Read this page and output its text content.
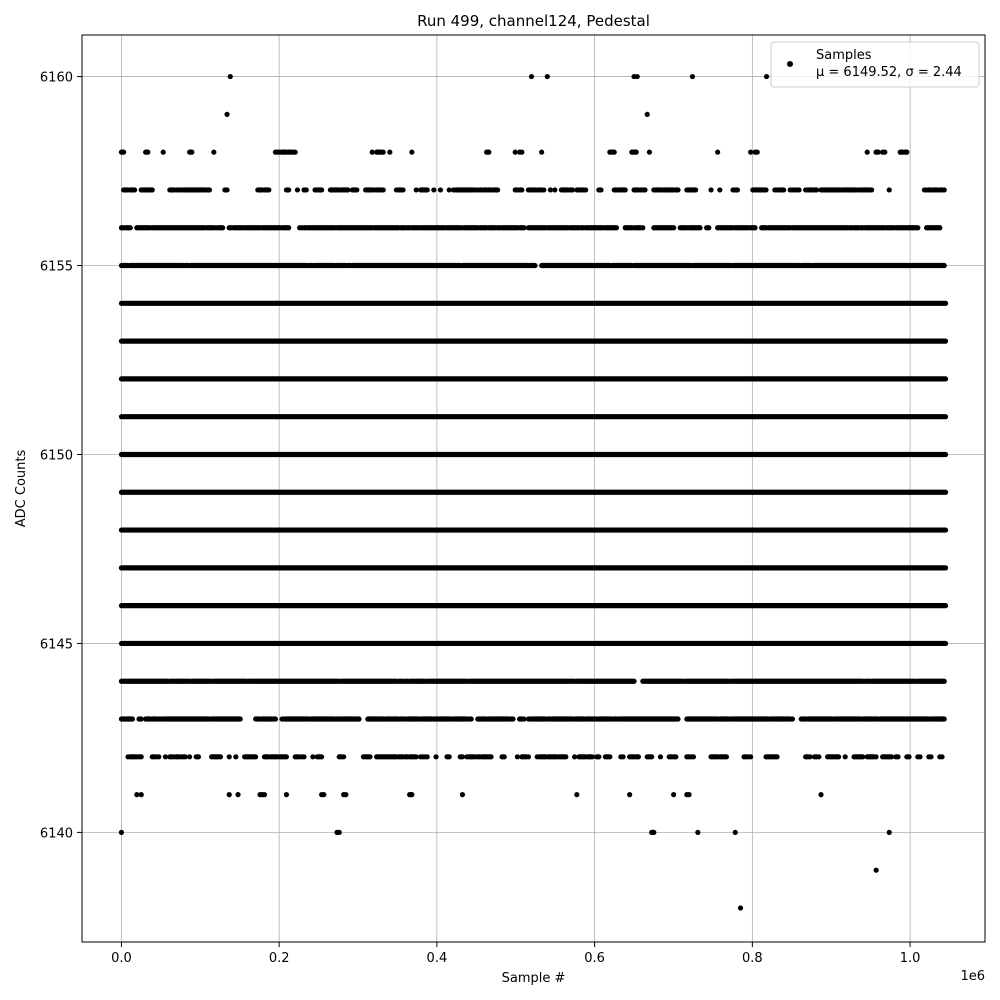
Run 499, channel124, Pedestal
0.0	0.2	0.4	0.6	0.8	1.0
6140
6145
6150
6155
6160
Sample #
ADC Counts
1e6
Samples
μ = 6149.52, σ = 2.44
